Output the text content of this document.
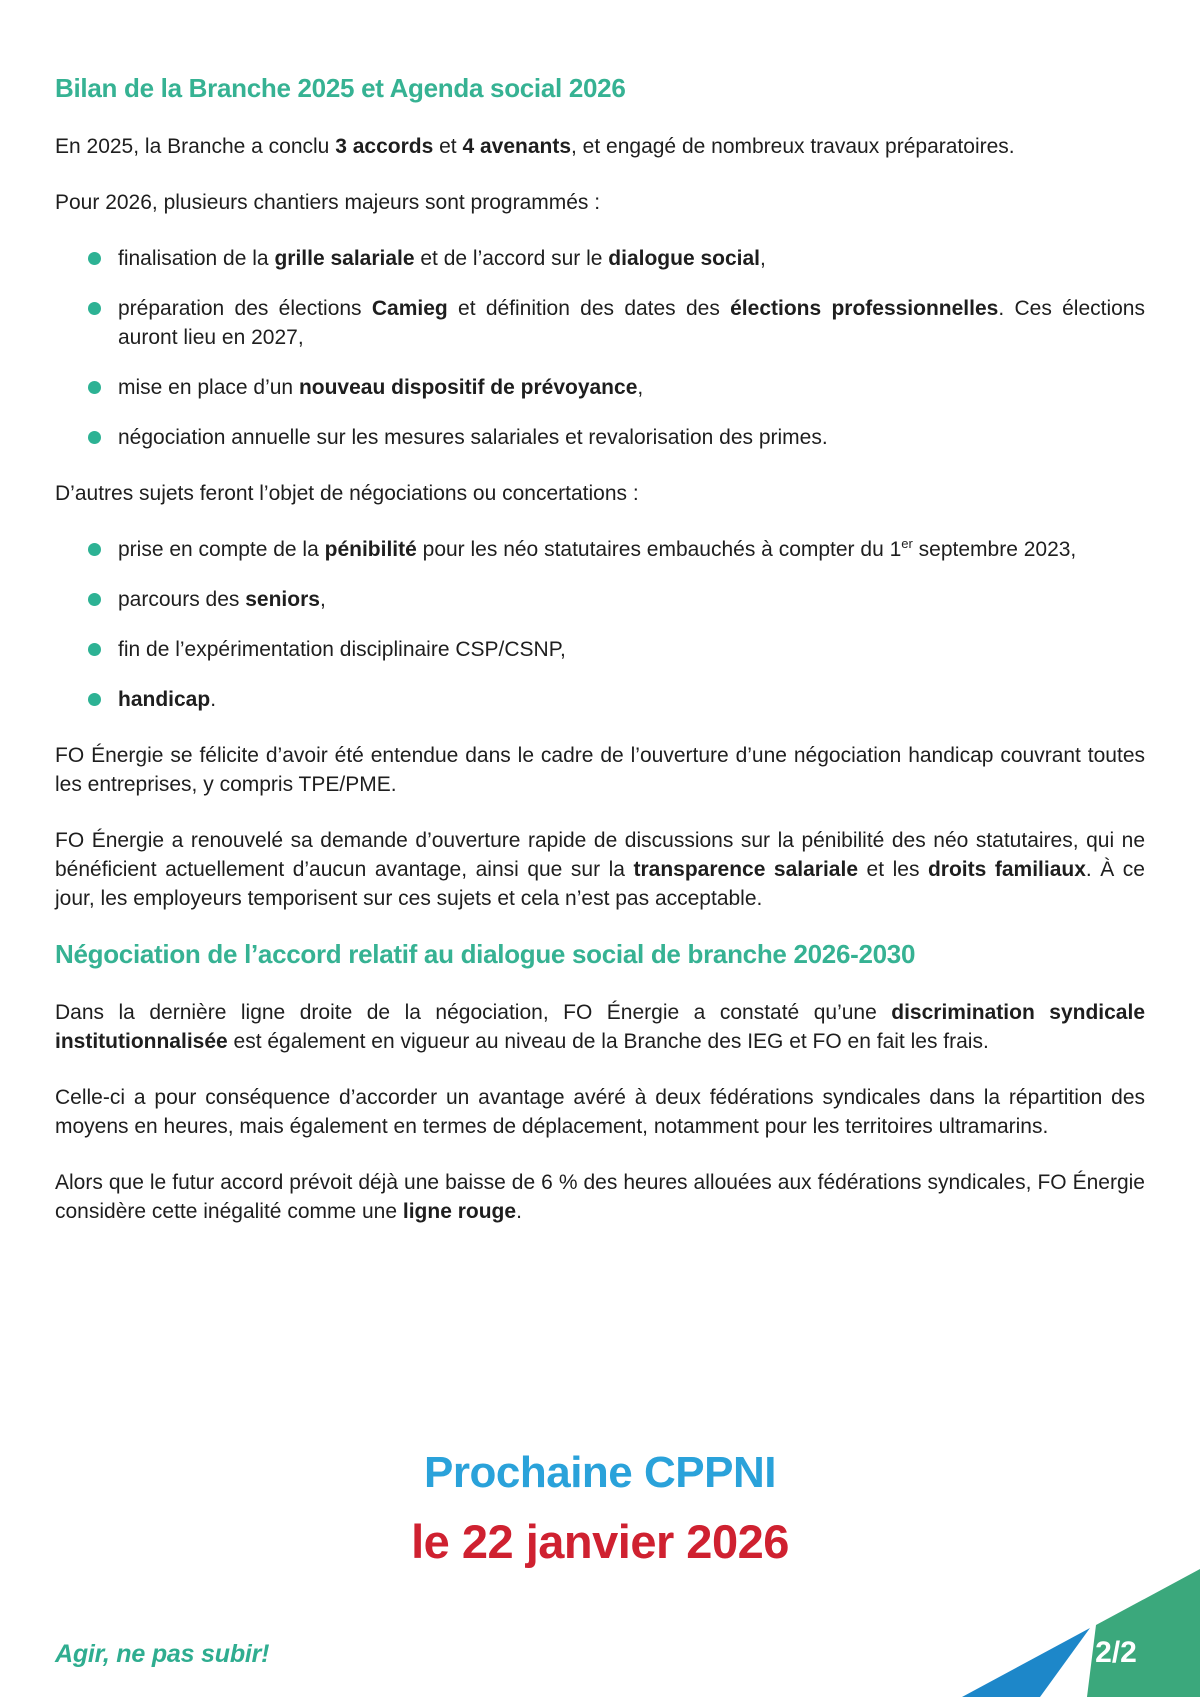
Bilan de la Branche 2025 et Agenda social 2026

En 2025, la Branche a conclu 3 accords et 4 avenants, et engagé de nombreux travaux préparatoires.

Pour 2026, plusieurs chantiers majeurs sont programmés :

finalisation de la grille salariale et de l’accord sur le dialogue social,
préparation des élections Camieg et définition des dates des élections professionnelles. Ces élections auront lieu en 2027,
mise en place d’un nouveau dispositif de prévoyance,
négociation annuelle sur les mesures salariales et revalorisation des primes.

D’autres sujets feront l’objet de négociations ou concertations :

prise en compte de la pénibilité pour les néo statutaires embauchés à compter du 1er septembre 2023,
parcours des seniors,
fin de l’expérimentation disciplinaire CSP/CSNP,
handicap.

FO Énergie se félicite d’avoir été entendue dans le cadre de l’ouverture d’une négociation handicap couvrant toutes les entreprises, y compris TPE/PME.

FO Énergie a renouvelé sa demande d’ouverture rapide de discussions sur la pénibilité des néo statutaires, qui ne bénéficient actuellement d’aucun avantage, ainsi que sur la transparence salariale et les droits familiaux. À ce jour, les employeurs temporisent sur ces sujets et cela n’est pas acceptable.

Négociation de l’accord relatif au dialogue social de branche 2026-2030

Dans la dernière ligne droite de la négociation, FO Énergie a constaté qu’une discrimination syndicale institutionnalisée est également en vigueur au niveau de la Branche des IEG et FO en fait les frais.

Celle-ci a pour conséquence d’accorder un avantage avéré à deux fédérations syndicales dans la répartition des moyens en heures, mais également en termes de déplacement, notamment pour les territoires ultramarins.

Alors que le futur accord prévoit déjà une baisse de 6 % des heures allouées aux fédérations syndicales, FO Énergie considère cette inégalité comme une ligne rouge.

Prochaine CPPNI
le 22 janvier 2026
Agir, ne pas subir!	2/2
